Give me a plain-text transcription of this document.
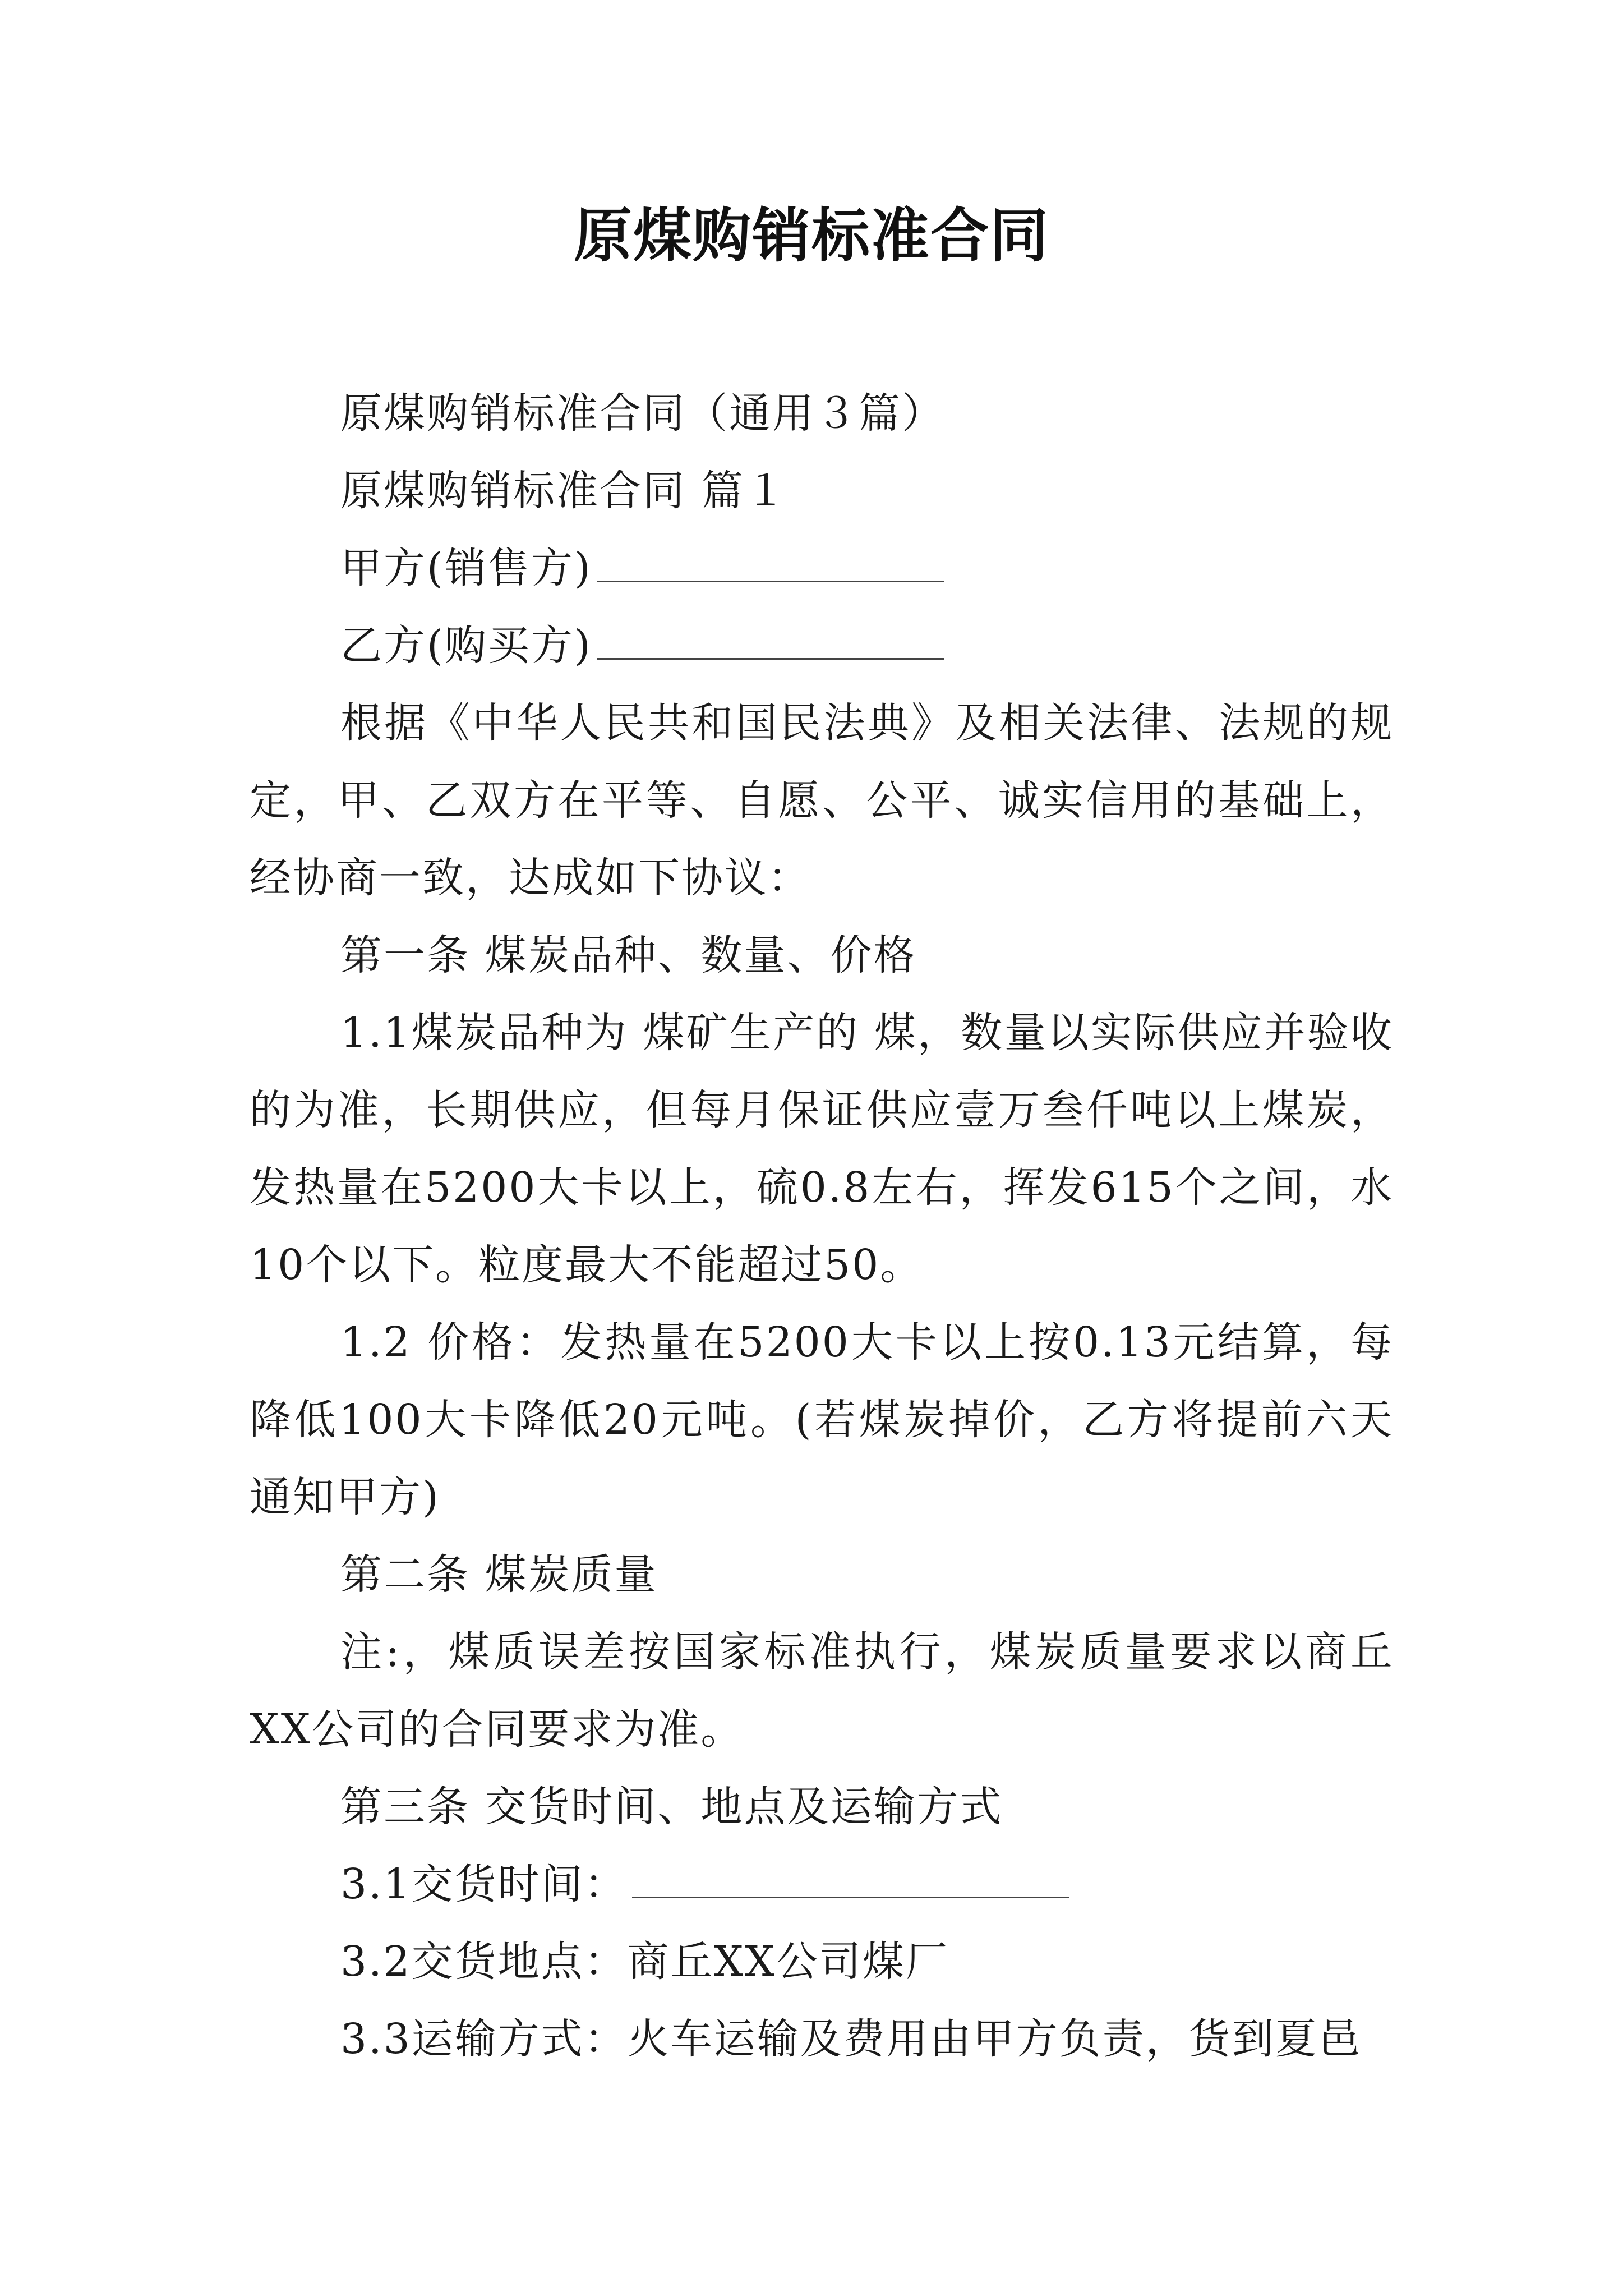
原煤购销标准合同

原煤购销标准合同（通用３篇）

原煤购销标准合同 篇１

甲方(销售方)

乙方(购买方)

根据《中华人民共和国民法典》及相关法律、法规的规定，甲、乙双方在平等、自愿、公平、诚实信用的基础上，经协商一致，达成如下协议：

第一条 煤炭品种、数量、价格

1.1煤炭品种为 煤矿生产的 煤，数量以实际供应并验收的为准，长期供应，但每月保证供应壹万叁仟吨以上煤炭，发热量在5200大卡以上，硫0.8左右，挥发615个之间，水10个以下。粒度最大不能超过50。

1.2 价格：发热量在5200大卡以上按0.13元结算，每降低100大卡降低20元吨。(若煤炭掉价，乙方将提前六天通知甲方)

第二条 煤炭质量

注:，煤质误差按国家标准执行，煤炭质量要求以商丘XX公司的合同要求为准。

第三条 交货时间、地点及运输方式

3.1交货时间：

3.2交货地点：商丘XX公司煤厂

3.3运输方式：火车运输及费用由甲方负责，货到夏邑
